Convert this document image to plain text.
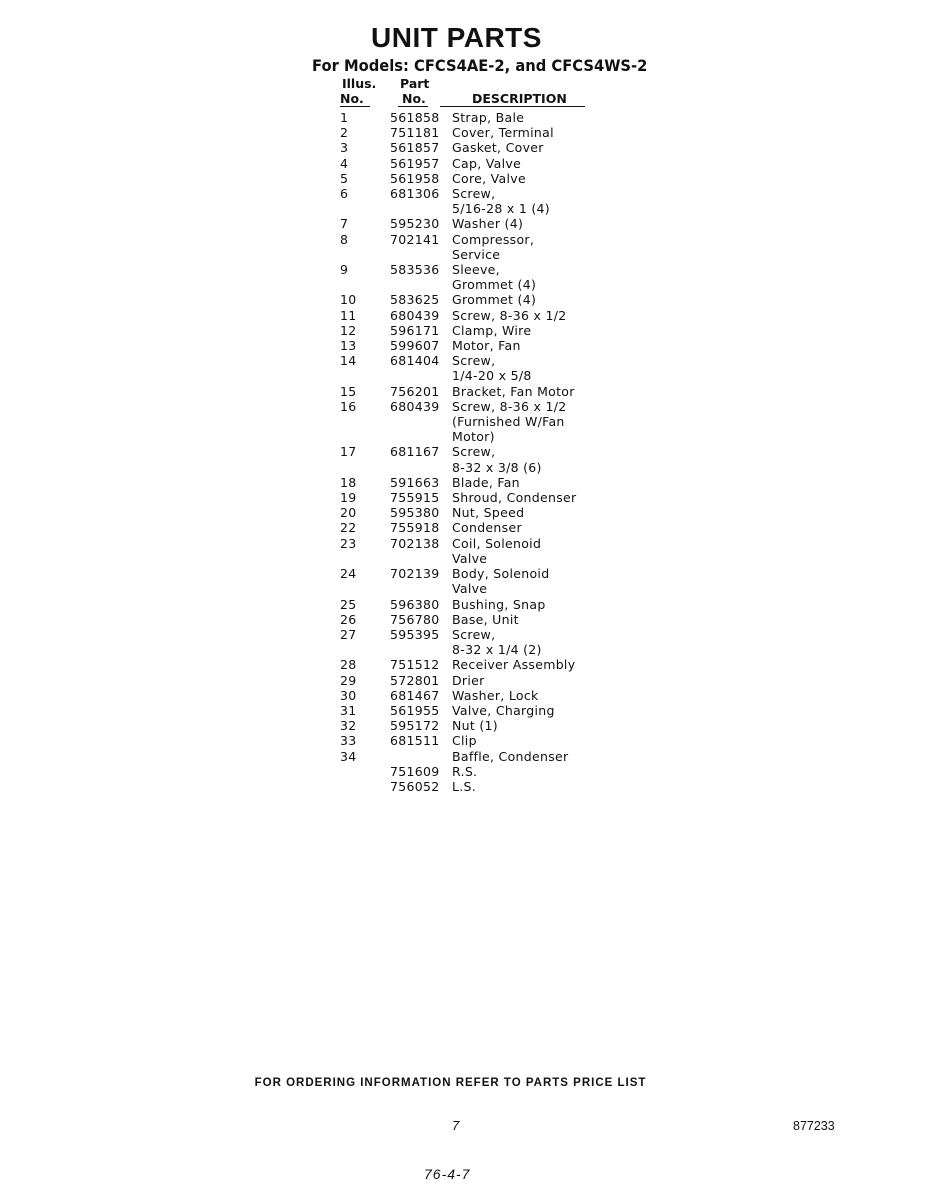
UNIT PARTS
For Models: CFCS4AE-2, and CFCS4WS-2
Illus.
No.
Part
No.	DESCRIPTION
1	561858 Strap, Bale
2	751181 Cover, Terminal
3	561857 Gasket, Cover
4	561957 Cap, Valve
5	561958 Core, Valve
6	681306 Screw,
5/16-28 x 1 (4)
7	595230 Washer (4)
8	702141 Compressor,
Service
9	583536 Sleeve,
Grommet (4)
10	583625 Grommet (4)
11	680439 Screw, 8-36 x 1/2
12	596171 Clamp, Wire
13	599607 Motor, Fan
14	681404 Screw,
1/4-20 x 5/8
15	756201 Bracket, Fan Motor
16	680439 Screw, 8-36 x 1/2
(Furnished W/Fan
Motor)
17	681167 Screw,
8-32 x 3/8 (6)
18	591663 Blade, Fan
19	755915 Shroud, Condenser
20	595380 Nut, Speed
22	755918 Condenser
23	702138 Coil, Solenoid
Valve
24	702139 Body, Solenoid
Valve
25	596380 Bushing, Snap
26	756780 Base, Unit
27	595395 Screw,
8-32 x 1/4 (2)
28	751512 Receiver Assembly
29	572801 Drier
30	681467 Washer, Lock
31	561955 Valve, Charging
32	595172 Nut (1)
33	681511 Clip
34	Baffle, Condenser
751609 R.S.
756052 L.S.
FOR ORDERING INFORMATION REFER TO PARTS PRICE LIST
7	877233
76-4-7
